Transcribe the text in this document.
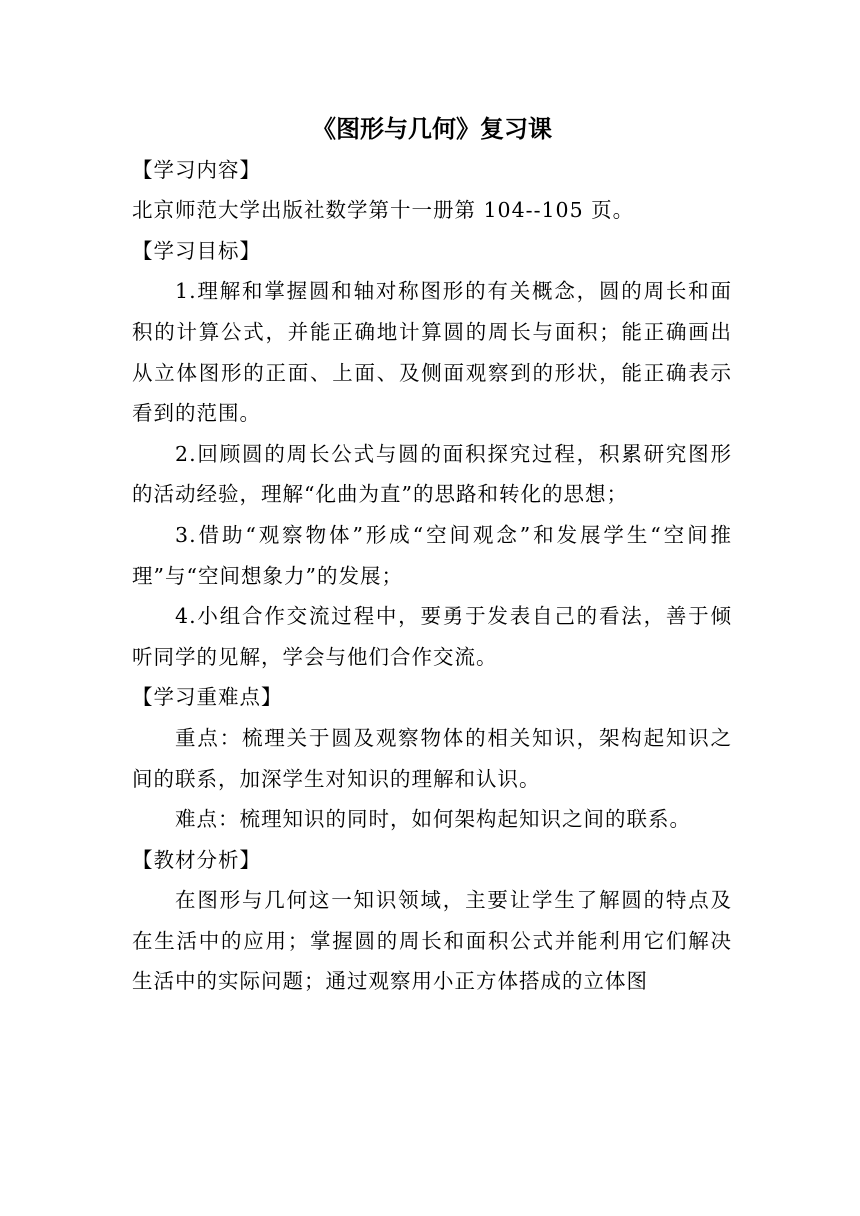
《图形与几何》复习课

【学习内容】

北京师范大学出版社数学第十一册第 104--105 页。

【学习目标】

1.理解和掌握圆和轴对称图形的有关概念，圆的周长和面积的计算公式，并能正确地计算圆的周长与面积；能正确画出从立体图形的正面、上面、及侧面观察到的形状，能正确表示看到的范围。

2.回顾圆的周长公式与圆的面积探究过程，积累研究图形的活动经验，理解“化曲为直”的思路和转化的思想；

3.借助“观察物体”形成“空间观念”和发展学生“空间推理”与“空间想象力”的发展；

4.小组合作交流过程中，要勇于发表自己的看法，善于倾听同学的见解，学会与他们合作交流。

【学习重难点】

重点：梳理关于圆及观察物体的相关知识，架构起知识之间的联系，加深学生对知识的理解和认识。

难点：梳理知识的同时，如何架构起知识之间的联系。

【教材分析】

在图形与几何这一知识领域，主要让学生了解圆的特点及在生活中的应用；掌握圆的周长和面积公式并能利用它们解决生活中的实际问题；通过观察用小正方体搭成的立体图
